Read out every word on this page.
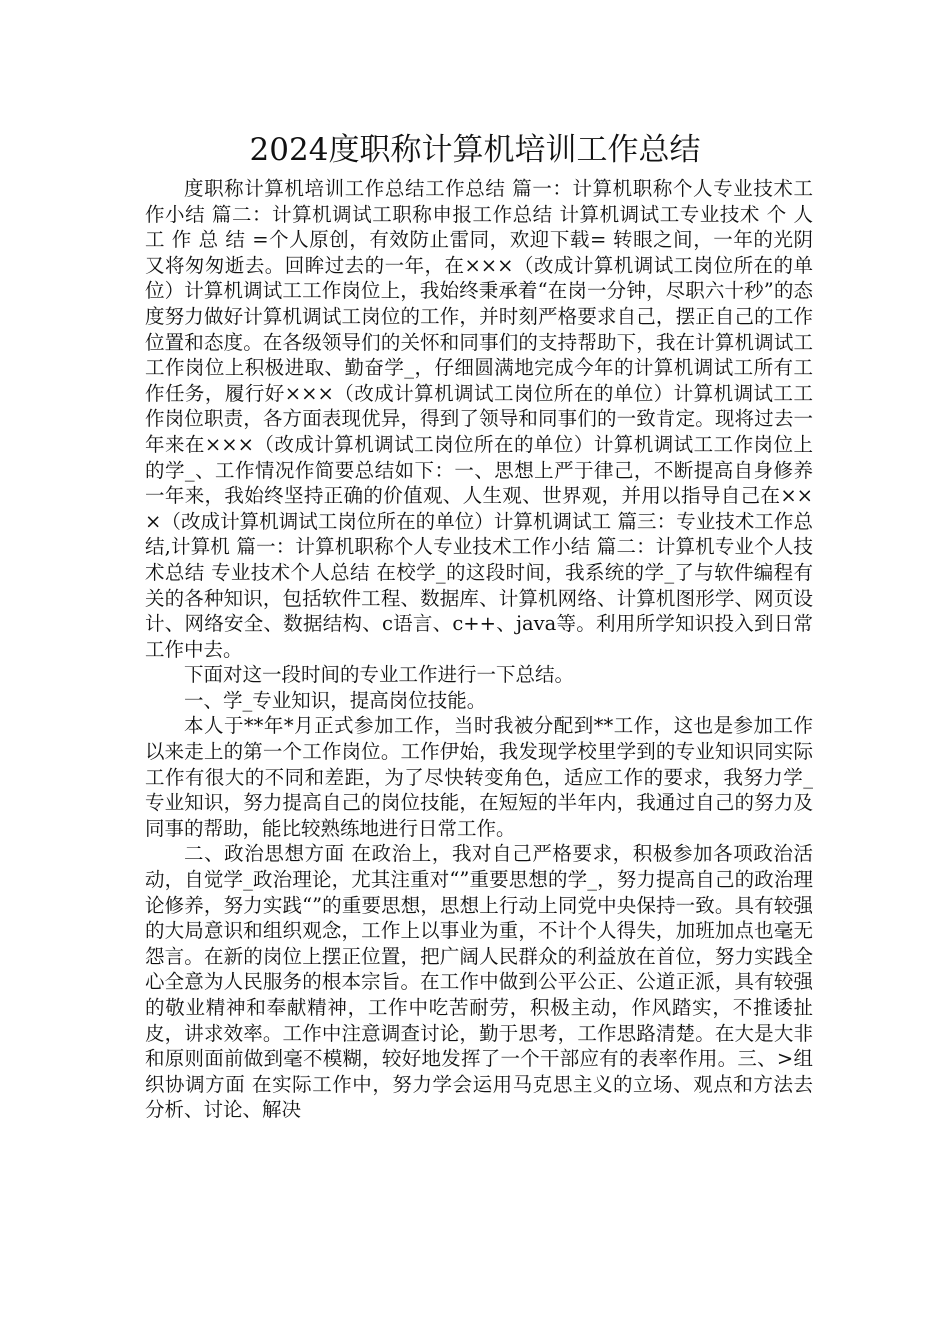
2024度职称计算机培训工作总结

度职称计算机培训工作总结工作总结 篇一：计算机职称个人专业技术工作小结 篇二：计算机调试工职称申报工作总结 计算机调试工专业技术 个 人 工 作 总 结 =个人原创，有效防止雷同，欢迎下载= 转眼之间，一年的光阴又将匆匆逝去。回眸过去的一年，在×××（改成计算机调试工岗位所在的单位）计算机调试工工作岗位上，我始终秉承着“在岗一分钟，尽职六十秒”的态度努力做好计算机调试工岗位的工作，并时刻严格要求自己，摆正自己的工作位置和态度。在各级领导们的关怀和同事们的支持帮助下，我在计算机调试工工作岗位上积极进取、勤奋学_，仔细圆满地完成今年的计算机调试工所有工作任务，履行好×××（改成计算机调试工岗位所在的单位）计算机调试工工作岗位职责，各方面表现优异，得到了领导和同事们的一致肯定。现将过去一年来在×××（改成计算机调试工岗位所在的单位）计算机调试工工作岗位上的学_、工作情况作简要总结如下：一、思想上严于律己，不断提高自身修养 一年来，我始终坚持正确的价值观、人生观、世界观，并用以指导自己在×××（改成计算机调试工岗位所在的单位）计算机调试工 篇三：专业技术工作总结,计算机 篇一：计算机职称个人专业技术工作小结 篇二：计算机专业个人技术总结 专业技术个人总结 在校学_的这段时间，我系统的学_了与软件编程有关的各种知识，包括软件工程、数据库、计算机网络、计算机图形学、网页设计、网络安全、数据结构、c语言、c++、java等。利用所学知识投入到日常工作中去。

下面对这一段时间的专业工作进行一下总结。

一、学_专业知识，提高岗位技能。

本人于**年*月正式参加工作，当时我被分配到**工作，这也是参加工作以来走上的第一个工作岗位。工作伊始，我发现学校里学到的专业知识同实际工作有很大的不同和差距，为了尽快转变角色，适应工作的要求，我努力学_专业知识，努力提高自己的岗位技能，在短短的半年内，我通过自己的努力及同事的帮助，能比较熟练地进行日常工作。

二、政治思想方面 在政治上，我对自己严格要求，积极参加各项政治活动，自觉学_政治理论，尤其注重对“”重要思想的学_，努力提高自己的政治理论修养，努力实践“”的重要思想，思想上行动上同党中央保持一致。具有较强的大局意识和组织观念，工作上以事业为重，不计个人得失，加班加点也毫无怨言。在新的岗位上摆正位置，把广阔人民群众的利益放在首位，努力实践全心全意为人民服务的根本宗旨。在工作中做到公平公正、公道正派，具有较强的敬业精神和奉献精神，工作中吃苦耐劳，积极主动，作风踏实，不推诿扯皮，讲求效率。工作中注意调查讨论，勤于思考，工作思路清楚。在大是大非和原则面前做到毫不模糊，较好地发挥了一个干部应有的表率作用。三、>组织协调方面 在实际工作中，努力学会运用马克思主义的立场、观点和方法去分析、讨论、解决
